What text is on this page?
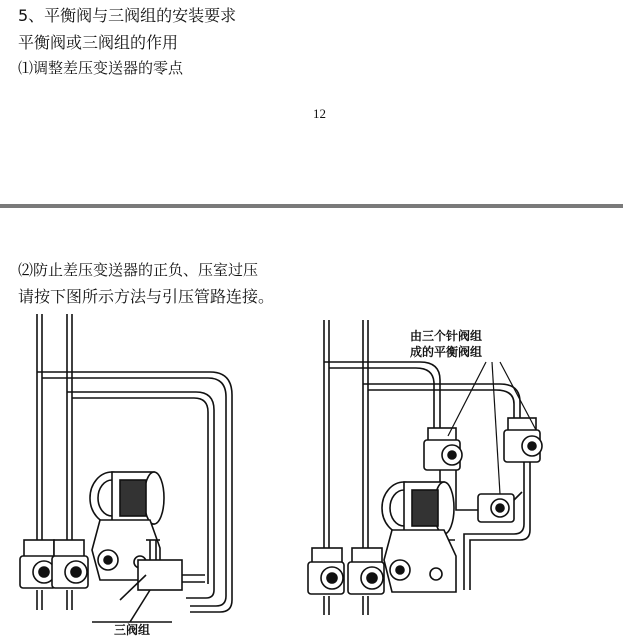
5、平衡阀与三阀组的安装要求
平衡阀或三阀组的作用
⑴调整差压变送器的零点
12
⑵防止差压变送器的正负、压室过压
请按下图所示方法与引压管路连接。
三阀组
由三个针阀组
成的平衡阀组
